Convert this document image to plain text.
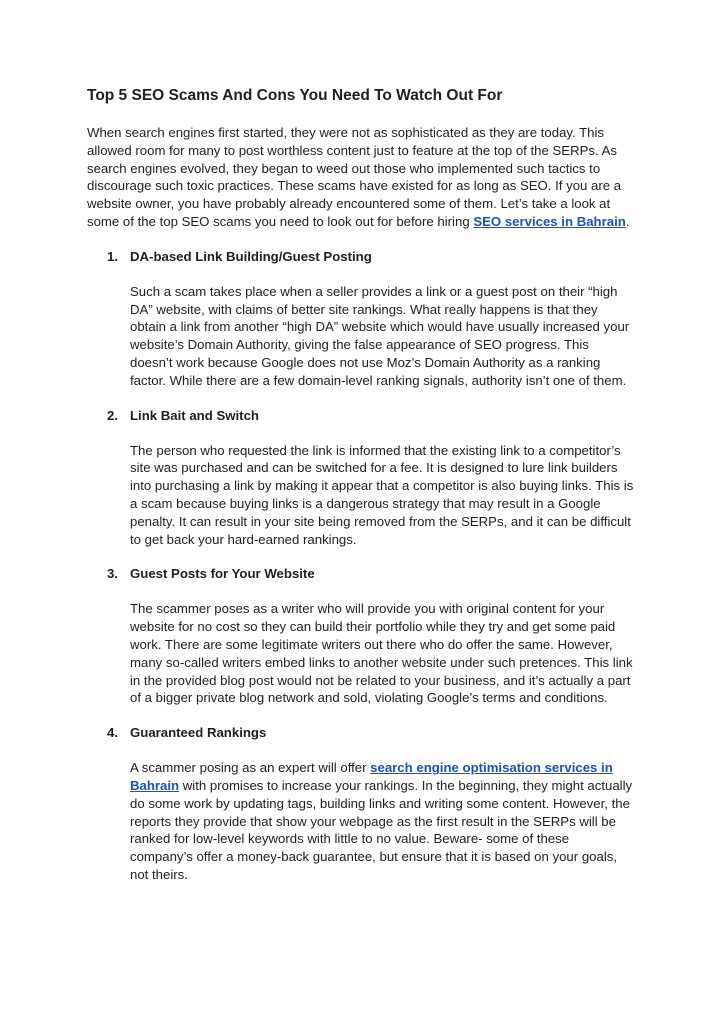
Top 5 SEO Scams And Cons You Need To Watch Out For

When search engines first started, they were not as sophisticated as they are today. This allowed room for many to post worthless content just to feature at the top of the SERPs. As search engines evolved, they began to weed out those who implemented such tactics to discourage such toxic practices. These scams have existed for as long as SEO. If you are a website owner, you have probably already encountered some of them. Let’s take a look at some of the top SEO scams you need to look out for before hiring SEO services in Bahrain.

1. DA-based Link Building/Guest Posting

Such a scam takes place when a seller provides a link or a guest post on their “high DA” website, with claims of better site rankings. What really happens is that they obtain a link from another “high DA” website which would have usually increased your website’s Domain Authority, giving the false appearance of SEO progress. This doesn’t work because Google does not use Moz’s Domain Authority as a ranking factor. While there are a few domain-level ranking signals, authority isn’t one of them.

2. Link Bait and Switch

The person who requested the link is informed that the existing link to a competitor’s site was purchased and can be switched for a fee. It is designed to lure link builders into purchasing a link by making it appear that a competitor is also buying links. This is a scam because buying links is a dangerous strategy that may result in a Google penalty. It can result in your site being removed from the SERPs, and it can be difficult to get back your hard-earned rankings.

3. Guest Posts for Your Website

The scammer poses as a writer who will provide you with original content for your website for no cost so they can build their portfolio while they try and get some paid work. There are some legitimate writers out there who do offer the same. However, many so-called writers embed links to another website under such pretences. This link in the provided blog post would not be related to your business, and it’s actually a part of a bigger private blog network and sold, violating Google’s terms and conditions.

4. Guaranteed Rankings

A scammer posing as an expert will offer search engine optimisation services in Bahrain with promises to increase your rankings. In the beginning, they might actually do some work by updating tags, building links and writing some content. However, the reports they provide that show your webpage as the first result in the SERPs will be ranked for low-level keywords with little to no value. Beware- some of these company’s offer a money-back guarantee, but ensure that it is based on your goals, not theirs.
